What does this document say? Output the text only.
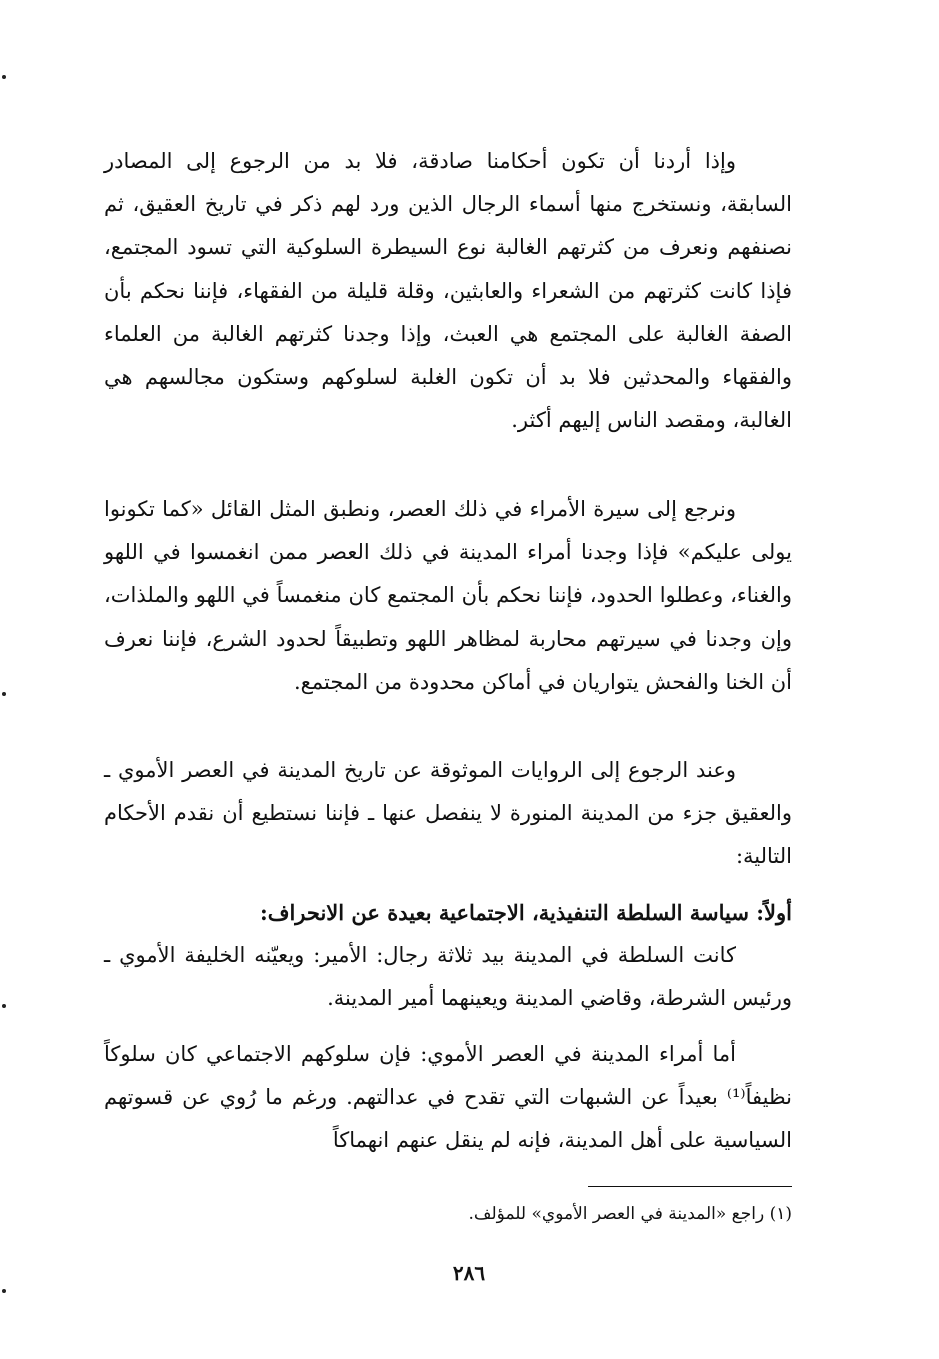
وإذا أردنا أن تكون أحكامنا صادقة، فلا بد من الرجوع إلى المصادر السابقة، ونستخرج منها أسماء الرجال الذين ورد لهم ذكر في تاريخ العقيق، ثم نصنفهم ونعرف من كثرتهم الغالبة نوع السيطرة السلوكية التي تسود المجتمع، فإذا كانت كثرتهم من الشعراء والعابثين، وقلة قليلة من الفقهاء، فإننا نحكم بأن الصفة الغالبة على المجتمع هي العبث، وإذا وجدنا كثرتهم الغالبة من العلماء والفقهاء والمحدثين فلا بد أن تكون الغلبة لسلوكهم وستكون مجالسهم هي الغالبة، ومقصد الناس إليهم أكثر.

ونرجع إلى سيرة الأمراء في ذلك العصر، ونطبق المثل القائل «كما تكونوا يولى عليكم» فإذا وجدنا أمراء المدينة في ذلك العصر ممن انغمسوا في اللهو والغناء، وعطلوا الحدود، فإننا نحكم بأن المجتمع كان منغمساً في اللهو والملذات، وإن وجدنا في سيرتهم محاربة لمظاهر اللهو وتطبيقاً لحدود الشرع، فإننا نعرف أن الخنا والفحش يتواريان في أماكن محدودة من المجتمع.

وعند الرجوع إلى الروايات الموثوقة عن تاريخ المدينة في العصر الأموي ـ والعقيق جزء من المدينة المنورة لا ينفصل عنها ـ فإننا نستطيع أن نقدم الأحكام التالية:

أولاً: سياسة السلطة التنفيذية، الاجتماعية بعيدة عن الانحراف:

كانت السلطة في المدينة بيد ثلاثة رجال: الأمير: ويعيّنه الخليفة الأموي ـ ورئيس الشرطة، وقاضي المدينة ويعينهما أمير المدينة.

أما أمراء المدينة في العصر الأموي: فإن سلوكهم الاجتماعي كان سلوكاً نظيفاً⁽¹⁾ بعيداً عن الشبهات التي تقدح في عدالتهم. ورغم ما رُوي عن قسوتهم السياسية على أهل المدينة، فإنه لم ينقل عنهم انهماكاً

(١) راجع «المدينة في العصر الأموي» للمؤلف.

٢٨٦
